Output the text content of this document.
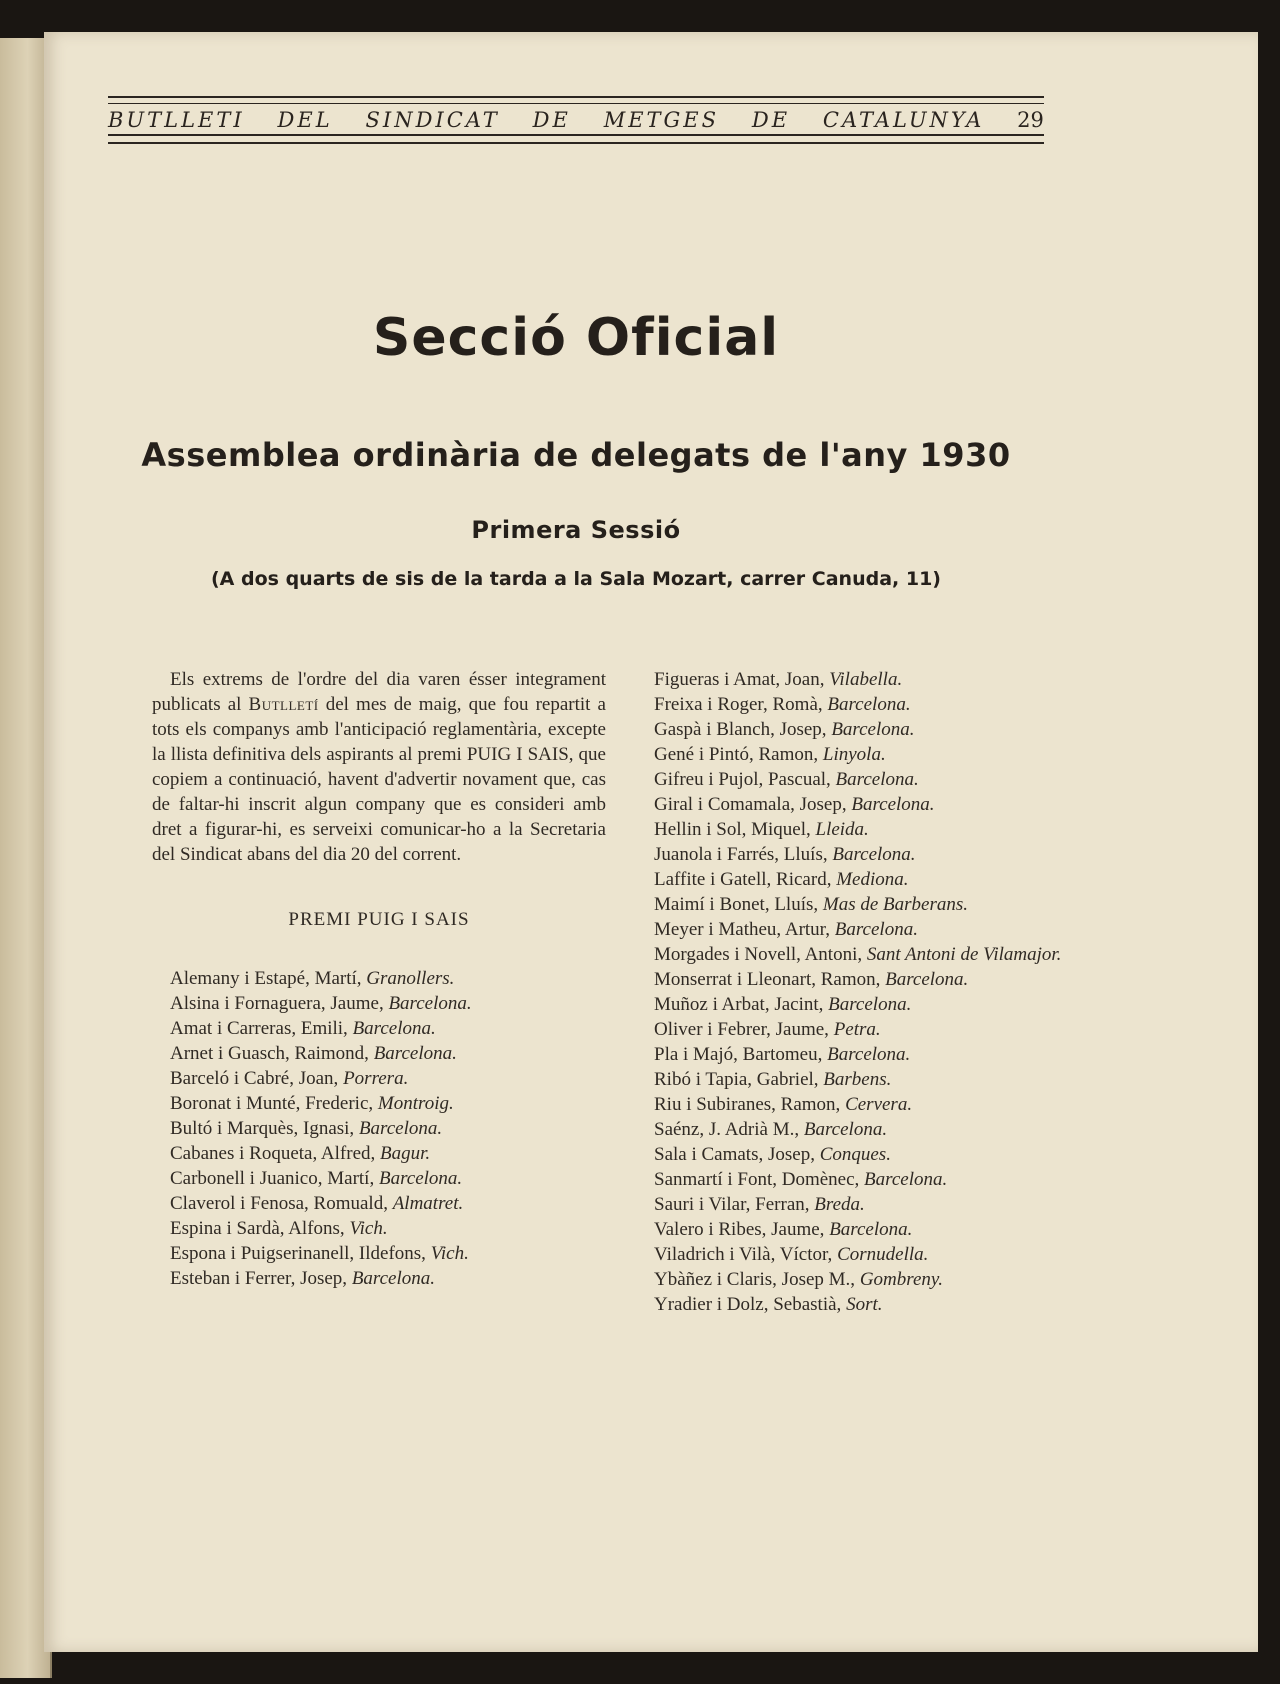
BUTLLETI DEL SINDICAT DE METGES DE CATALUNYA 29
Secció Oficial
Assemblea ordinària de delegats de l'any 1930
Primera Sessió
(A dos quarts de sis de la tarda a la Sala Mozart, carrer Canuda, 11)

Els extrems de l'ordre del dia varen ésser integrament publicats al Butlletí del mes de maig, que fou repartit a tots els companys amb l'anticipació reglamentària, excepte la llista definitiva dels aspirants al premi PUIG I SAIS, que copiem a continuació, havent d'advertir novament que, cas de faltar-hi inscrit algun company que es consideri amb dret a figurar-hi, es serveixi comunicar-ho a la Secretaria del Sindicat abans del dia 20 del corrent.

PREMI PUIG I SAIS
Alemany i Estapé, Martí, Granollers.
Alsina i Fornaguera, Jaume, Barcelona.
Amat i Carreras, Emili, Barcelona.
Arnet i Guasch, Raimond, Barcelona.
Barceló i Cabré, Joan, Porrera.
Boronat i Munté, Frederic, Montroig.
Bultó i Marquès, Ignasi, Barcelona.
Cabanes i Roqueta, Alfred, Bagur.
Carbonell i Juanico, Martí, Barcelona.
Claverol i Fenosa, Romuald, Almatret.
Espina i Sardà, Alfons, Vich.
Espona i Puigserinanell, Ildefons, Vich.
Esteban i Ferrer, Josep, Barcelona.
Figueras i Amat, Joan, Vilabella.
Freixa i Roger, Romà, Barcelona.
Gaspà i Blanch, Josep, Barcelona.
Gené i Pintó, Ramon, Linyola.
Gifreu i Pujol, Pascual, Barcelona.
Giral i Comamala, Josep, Barcelona.
Hellin i Sol, Miquel, Lleida.
Juanola i Farrés, Lluís, Barcelona.
Laffite i Gatell, Ricard, Mediona.
Maimí i Bonet, Lluís, Mas de Barberans.
Meyer i Matheu, Artur, Barcelona.
Morgades i Novell, Antoni, Sant Antoni de Vilamajor.
Monserrat i Lleonart, Ramon, Barcelona.
Muñoz i Arbat, Jacint, Barcelona.
Oliver i Febrer, Jaume, Petra.
Pla i Majó, Bartomeu, Barcelona.
Ribó i Tapia, Gabriel, Barbens.
Riu i Subiranes, Ramon, Cervera.
Saénz, J. Adrià M., Barcelona.
Sala i Camats, Josep, Conques.
Sanmartí i Font, Domènec, Barcelona.
Sauri i Vilar, Ferran, Breda.
Valero i Ribes, Jaume, Barcelona.
Viladrich i Vilà, Víctor, Cornudella.
Ybàñez i Claris, Josep M., Gombreny.
Yradier i Dolz, Sebastià, Sort.
